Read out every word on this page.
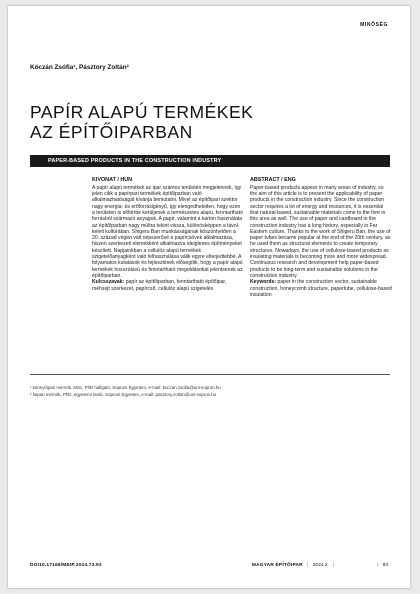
MINŐSÉG
Kóczán Zsófia¹, Pásztory Zoltán²
PAPÍR ALAPÚ TERMÉKEK
AZ ÉPÍTŐIPARBAN
PAPER-BASED PRODUCTS IN THE CONSTRUCTION INDUSTRY
KIVONAT / HUN

A papír alapú termékek az ipar számos területén megjelennek, így jelen cikk a papírpari termékek építőiparban való alkalmazhatóságát kívánja bemutatni. Mivel az építőipari szektor nagy energia- és erőforrásigényű, így elengedhetetlen, hogy ezen a területen is előtérbe kerüljenek a természetes alapú, fenntartható forrásból származó anyagok. A papír, valamint a karton használata az építőiparban nagy múltra tekint vissza, különösképpen a távol-keleti kultúrában. Shigeru Ban munkásságának köszönhetően a 20. század végén vált népszerűvé a papírcsövek alkalmazása, hiszen szerkezeti elemekként alkalmazva ideiglenes építményeket készített. Napjainkban a cellulóz alapú termékek szigetelőanyagként való felhasználása válik egyre elterjedtebbé. A folyamatos kutatások és fejlesztések elősegítik, hogy a papír alapú termékek hosszútávú és fenntartható megoldásokat jelentsenek az építőiparban.

Kulcsszavak: papír az építőiparban, fenntartható építőipar, méhsejt szerkezet, papírcső, cellulóz alapú szigetelés

ABSTRACT / ENG

Paper-based products appear in many areas of industry, so the aim of this article is to present the applicability of paper products in the construction industry. Since the construction sector requires a lot of energy and resources, it is essential that natural-based, sustainable materials come to the fore in this area as well. The use of paper and cardboard in the construction industry has a long history, especially in Far Eastern culture. Thanks to the work of Shigeru Ban, the use of paper tubes became popular at the end of the 20th century, as he used them as structural elements to create temporary structures. Nowadays, the use of cellulose-based products as insulating materials is becoming more and more widespread. Continuous research and development help paper-based products to be long-term and sustainable solutions in the construction industry.

Keywords: paper in the construction sector, sustainable construction, honeycomb structure, papertube, cellulose-based insulation

¹ könnyűipari mérnök, MSc, PhD hallgató, Soproni Egyetem, e-mail: koczan.zsofia@uni-sopron.hu
² faipari mérnök, PhD, egyetemi tanár, Soproni Egyetem, e-mail: pasztory.zoltan@uni-sopron.hu
DOI10.17168/MEIP.2024.73.93	MAGYAR ÉPÍTŐIPAR | 2024.2. |	| 93
